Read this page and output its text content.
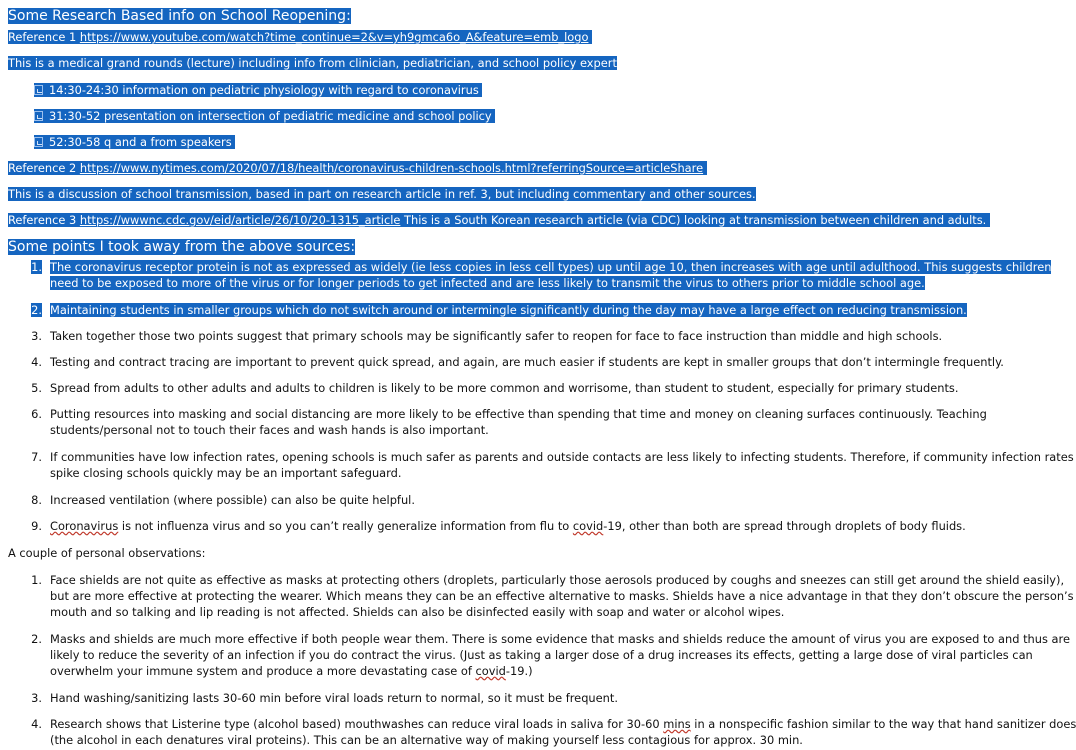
Some Research Based info on School Reopening:
Reference 1 https://www.youtube.com/watch?time_continue=2&v=yh9gmca6o_A&feature=emb_logo
This is a medical grand rounds (lecture) including info from clinician, pediatrician, and school policy expert
14:30-24:30 information on pediatric physiology with regard to coronavirus
31:30-52 presentation on intersection of pediatric medicine and school policy
52:30-58 q and a from speakers
Reference 2 https://www.nytimes.com/2020/07/18/health/coronavirus-children-schools.html?referringSource=articleShare
This is a discussion of school transmission, based in part on research article in ref. 3, but including commentary and other sources.
Reference 3 https://wwwnc.cdc.gov/eid/article/26/10/20-1315_article This is a South Korean research article (via CDC) looking at transmission between children and adults.
Some points I took away from the above sources:
1. The coronavirus receptor protein is not as expressed as widely (ie less copies in less cell types) up until age 10, then increases with age until adulthood. This suggests children
need to be exposed to more of the virus or for longer periods to get infected and are less likely to transmit the virus to others prior to middle school age.
2. Maintaining students in smaller groups which do not switch around or intermingle significantly during the day may have a large effect on reducing transmission.
3. Taken together those two points suggest that primary schools may be significantly safer to reopen for face to face instruction than middle and high schools.
4. Testing and contract tracing are important to prevent quick spread, and again, are much easier if students are kept in smaller groups that don’t intermingle frequently.
5. Spread from adults to other adults and adults to children is likely to be more common and worrisome, than student to student, especially for primary students.
6. Putting resources into masking and social distancing are more likely to be effective than spending that time and money on cleaning surfaces continuously. Teaching
students/personal not to touch their faces and wash hands is also important.
7. If communities have low infection rates, opening schools is much safer as parents and outside contacts are less likely to infecting students. Therefore, if community infection rates
spike closing schools quickly may be an important safeguard.
8. Increased ventilation (where possible) can also be quite helpful.
9. Coronavirus is not influenza virus and so you can’t really generalize information from flu to covid-19, other than both are spread through droplets of body fluids.
A couple of personal observations:
1. Face shields are not quite as effective as masks at protecting others (droplets, particularly those aerosols produced by coughs and sneezes can still get around the shield easily),
but are more effective at protecting the wearer. Which means they can be an effective alternative to masks. Shields have a nice advantage in that they don’t obscure the person’s
mouth and so talking and lip reading is not affected. Shields can also be disinfected easily with soap and water or alcohol wipes.
2. Masks and shields are much more effective if both people wear them. There is some evidence that masks and shields reduce the amount of virus you are exposed to and thus are
likely to reduce the severity of an infection if you do contract the virus. (Just as taking a larger dose of a drug increases its effects, getting a large dose of viral particles can
overwhelm your immune system and produce a more devastating case of covid-19.)
3. Hand washing/sanitizing lasts 30-60 min before viral loads return to normal, so it must be frequent.
4. Research shows that Listerine type (alcohol based) mouthwashes can reduce viral loads in saliva for 30-60 mins in a nonspecific fashion similar to the way that hand sanitizer does
(the alcohol in each denatures viral proteins). This can be an alternative way of making yourself less contagious for approx. 30 min.
